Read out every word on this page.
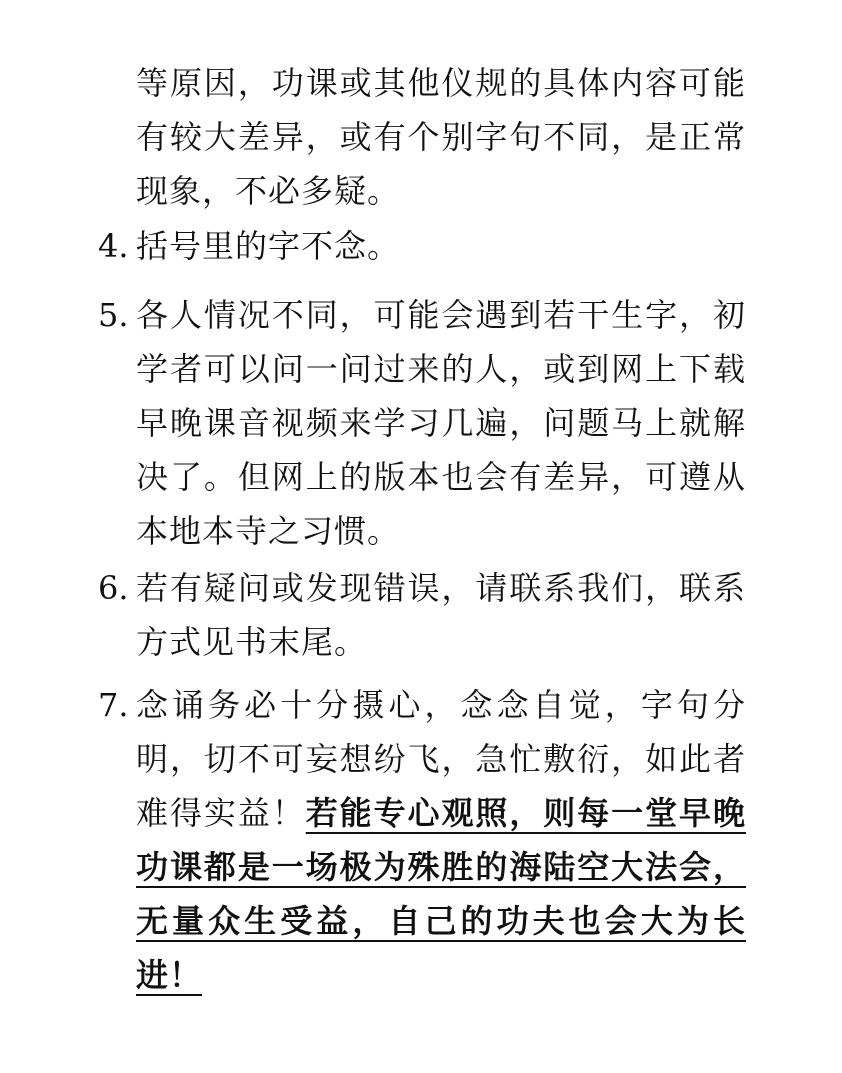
等原因，功课或其他仪规的具体内容可能有较大差异，或有个别字句不同，是正常现象，不必多疑。
4. 括号里的字不念。
5. 各人情况不同，可能会遇到若干生字，初学者可以问一问过来的人，或到网上下载早晚课音视频来学习几遍，问题马上就解决了。但网上的版本也会有差异，可遵从本地本寺之习惯。
6. 若有疑问或发现错误，请联系我们，联系方式见书末尾。
7. 念诵务必十分摄心，念念自觉，字句分明，切不可妄想纷飞，急忙敷衍，如此者难得实益！若能专心观照，则每一堂早晚功课都是一场极为殊胜的海陆空大法会，无量众生受益，自己的功夫也会大为长进！
